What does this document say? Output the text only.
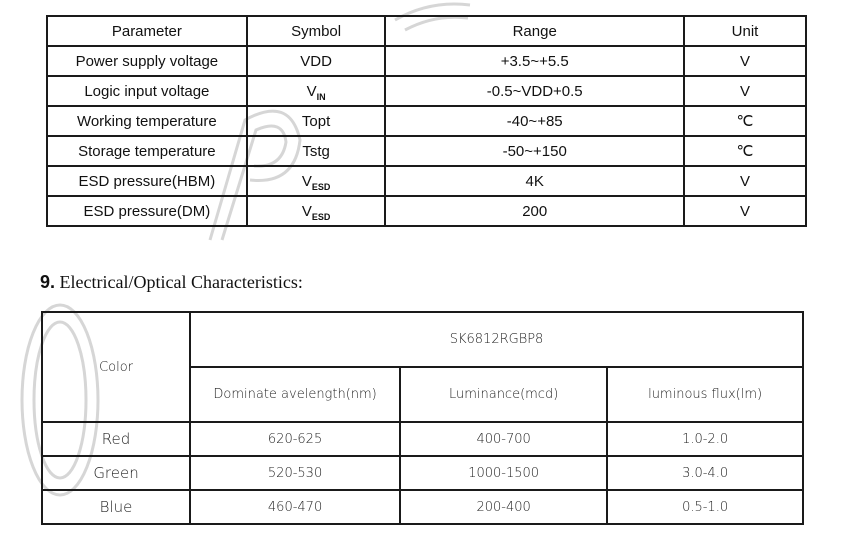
Parameter	Symbol	Range	Unit
Power supply voltage	VDD	+3.5~+5.5	V
Logic input voltage	$V_{IN}$	-0.5~VDD+0.5	V
Working temperature	Topt	-40~+85	℃
Storage temperature	Tstg	-50~+150	℃
ESD pressure(HBM)	$V_{ESD}$	4K	V
ESD pressure(DM)	$V_{ESD}$	200	V
9. Electrical/Optical Characteristics:
Color	SK6812RGBP8		
	Dominate avelength(nm)	Luminance(mcd)	luminous flux(lm)
Red	620-625	400-700	1.0-2.0
Green	520-530	1000-1500	3.0-4.0
Blue	460-470	200-400	0.5-1.0
